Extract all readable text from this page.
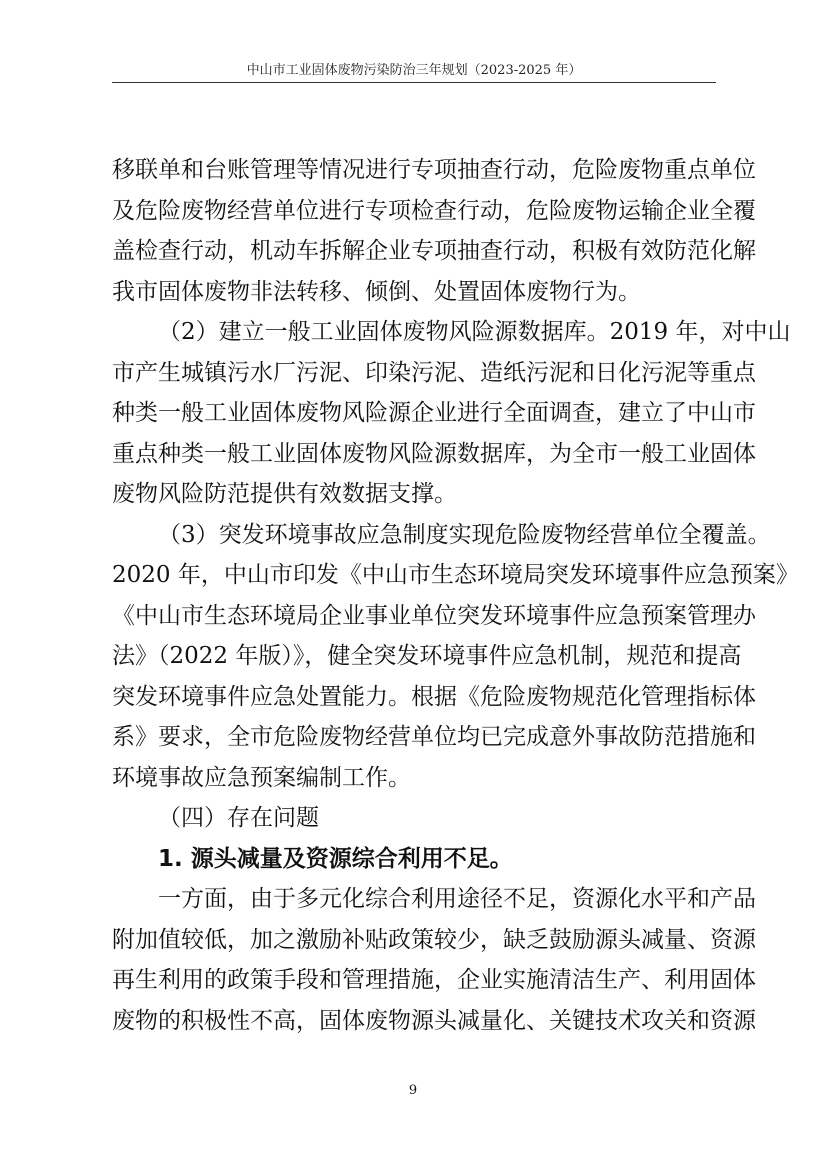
中山市工业固体废物污染防治三年规划（2023-2025 年）
移联单和台账管理等情况进行专项抽查行动，危险废物重点单位
及危险废物经营单位进行专项检查行动，危险废物运输企业全覆
盖检查行动，机动车拆解企业专项抽查行动，积极有效防范化解
我市固体废物非法转移、倾倒、处置固体废物行为。
（2）建立一般工业固体废物风险源数据库。2019 年，对中山
市产生城镇污水厂污泥、印染污泥、造纸污泥和日化污泥等重点
种类一般工业固体废物风险源企业进行全面调查，建立了中山市
重点种类一般工业固体废物风险源数据库，为全市一般工业固体
废物风险防范提供有效数据支撑。
（3）突发环境事故应急制度实现危险废物经营单位全覆盖。
2020 年，中山市印发《中山市生态环境局突发环境事件应急预案》
《中山市生态环境局企业事业单位突发环境事件应急预案管理办
法》（2022 年版）》，健全突发环境事件应急机制，规范和提高
突发环境事件应急处置能力。根据《危险废物规范化管理指标体
系》要求，全市危险废物经营单位均已完成意外事故防范措施和
环境事故应急预案编制工作。
（四）存在问题
1. 源头减量及资源综合利用不足。
一方面，由于多元化综合利用途径不足，资源化水平和产品
附加值较低，加之激励补贴政策较少，缺乏鼓励源头减量、资源
再生利用的政策手段和管理措施，企业实施清洁生产、利用固体
废物的积极性不高，固体废物源头减量化、关键技术攻关和资源
9
